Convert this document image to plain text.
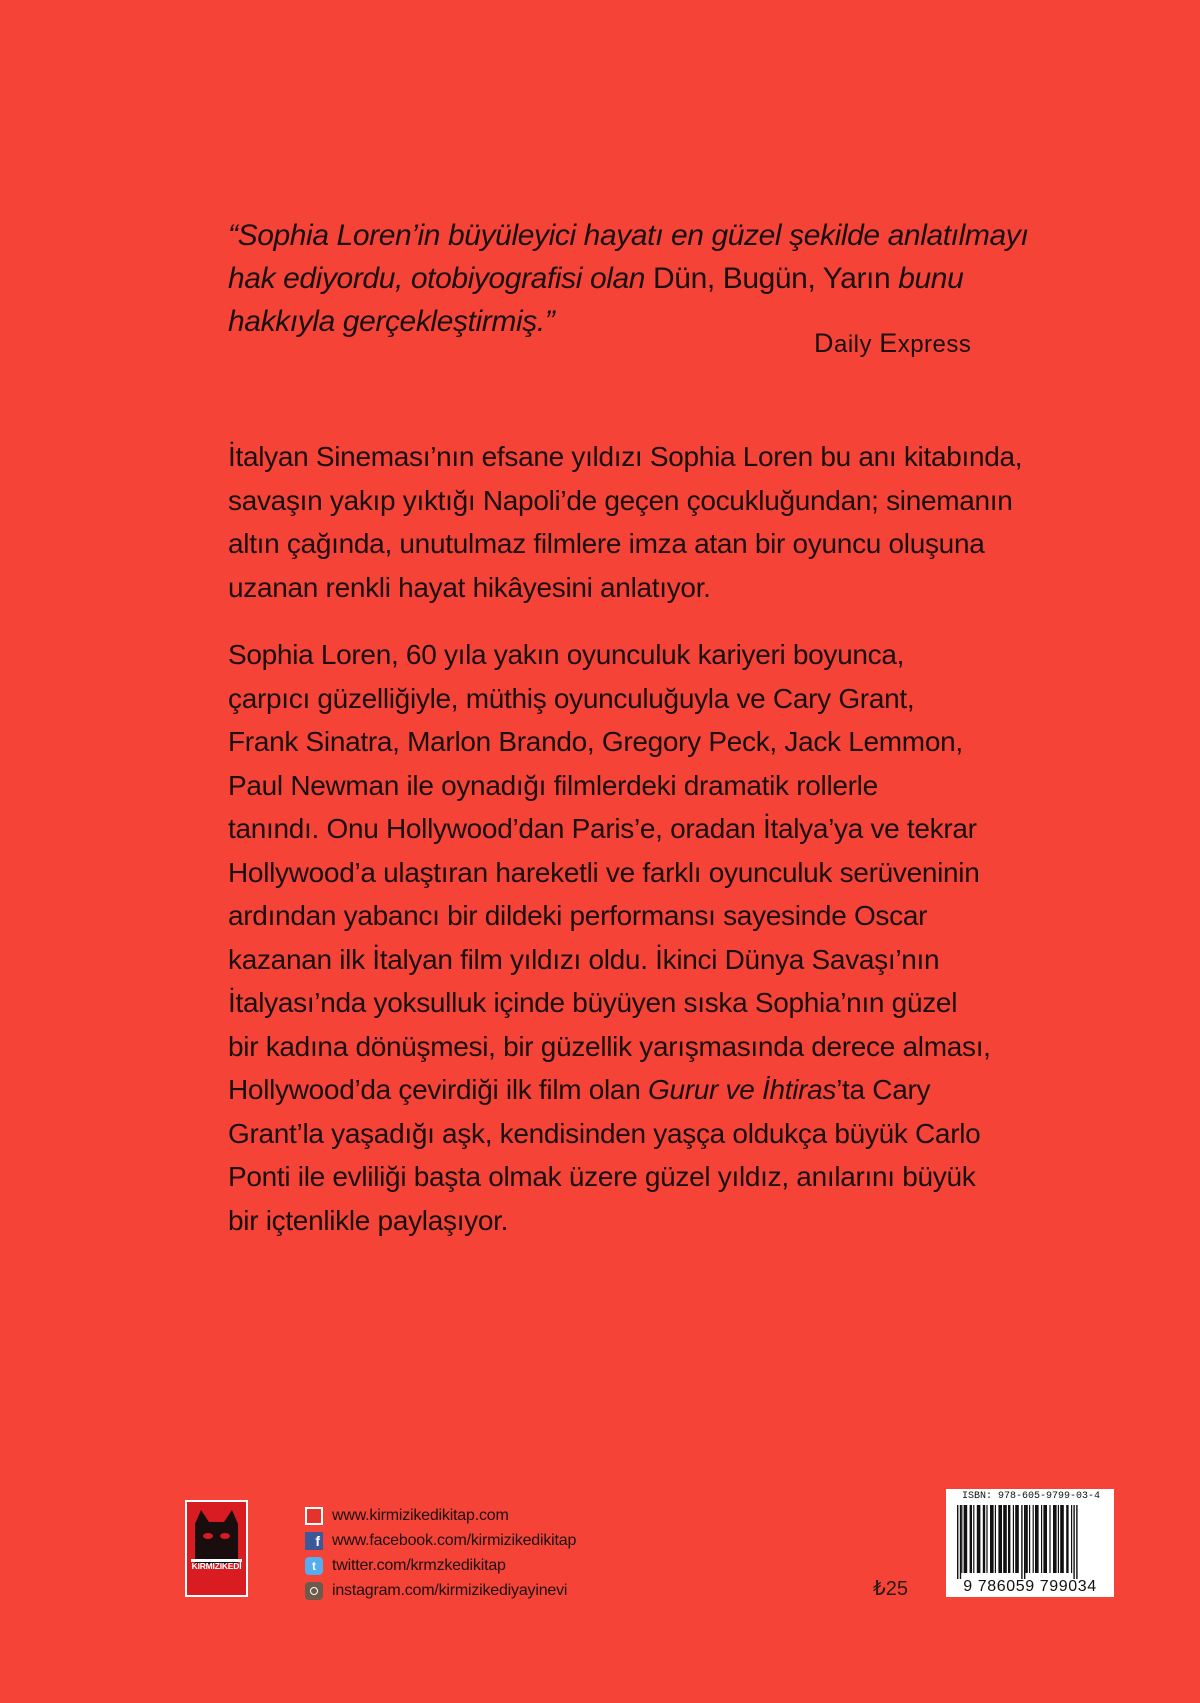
“Sophia Loren’in büyüleyici hayatı en güzel şekilde anlatılmayı
hak ediyordu, otobiyografisi olan Dün, Bugün, Yarın bunu
hakkıyla gerçekleştirmiş.”
Daily Express
İtalyan Sineması’nın efsane yıldızı Sophia Loren bu anı kitabında,
savaşın yakıp yıktığı Napoli’de geçen çocukluğundan; sinemanın
altın çağında, unutulmaz filmlere imza atan bir oyuncu oluşuna
uzanan renkli hayat hikâyesini anlatıyor.
Sophia Loren, 60 yıla yakın oyunculuk kariyeri boyunca,
çarpıcı güzelliğiyle, müthiş oyunculuğuyla ve Cary Grant,
Frank Sinatra, Marlon Brando, Gregory Peck, Jack Lemmon,
Paul Newman ile oynadığı filmlerdeki dramatik rollerle
tanındı. Onu Hollywood’dan Paris’e, oradan İtalya’ya ve tekrar
Hollywood’a ulaştıran hareketli ve farklı oyunculuk serüveninin
ardından yabancı bir dildeki performansı sayesinde Oscar
kazanan ilk İtalyan film yıldızı oldu. İkinci Dünya Savaşı’nın
İtalyası’nda yoksulluk içinde büyüyen sıska Sophia’nın güzel
bir kadına dönüşmesi, bir güzellik yarışmasında derece alması,
Hollywood’da çevirdiği ilk film olan Gurur ve İhtiras’ta Cary
Grant’la yaşadığı aşk, kendisinden yaşça oldukça büyük Carlo
Ponti ile evliliği başta olmak üzere güzel yıldız, anılarını büyük
bir içtenlikle paylaşıyor.
KIRMIZIKEDİ
www.kirmizikedikitap.com
f www.facebook.com/kirmizikedikitap
t	twitter.com/krmzkedikitap
instagram.com/kirmizikediyayinevi	₺25
ISBN: 978-605-9799-03-4
9 786059 799034
